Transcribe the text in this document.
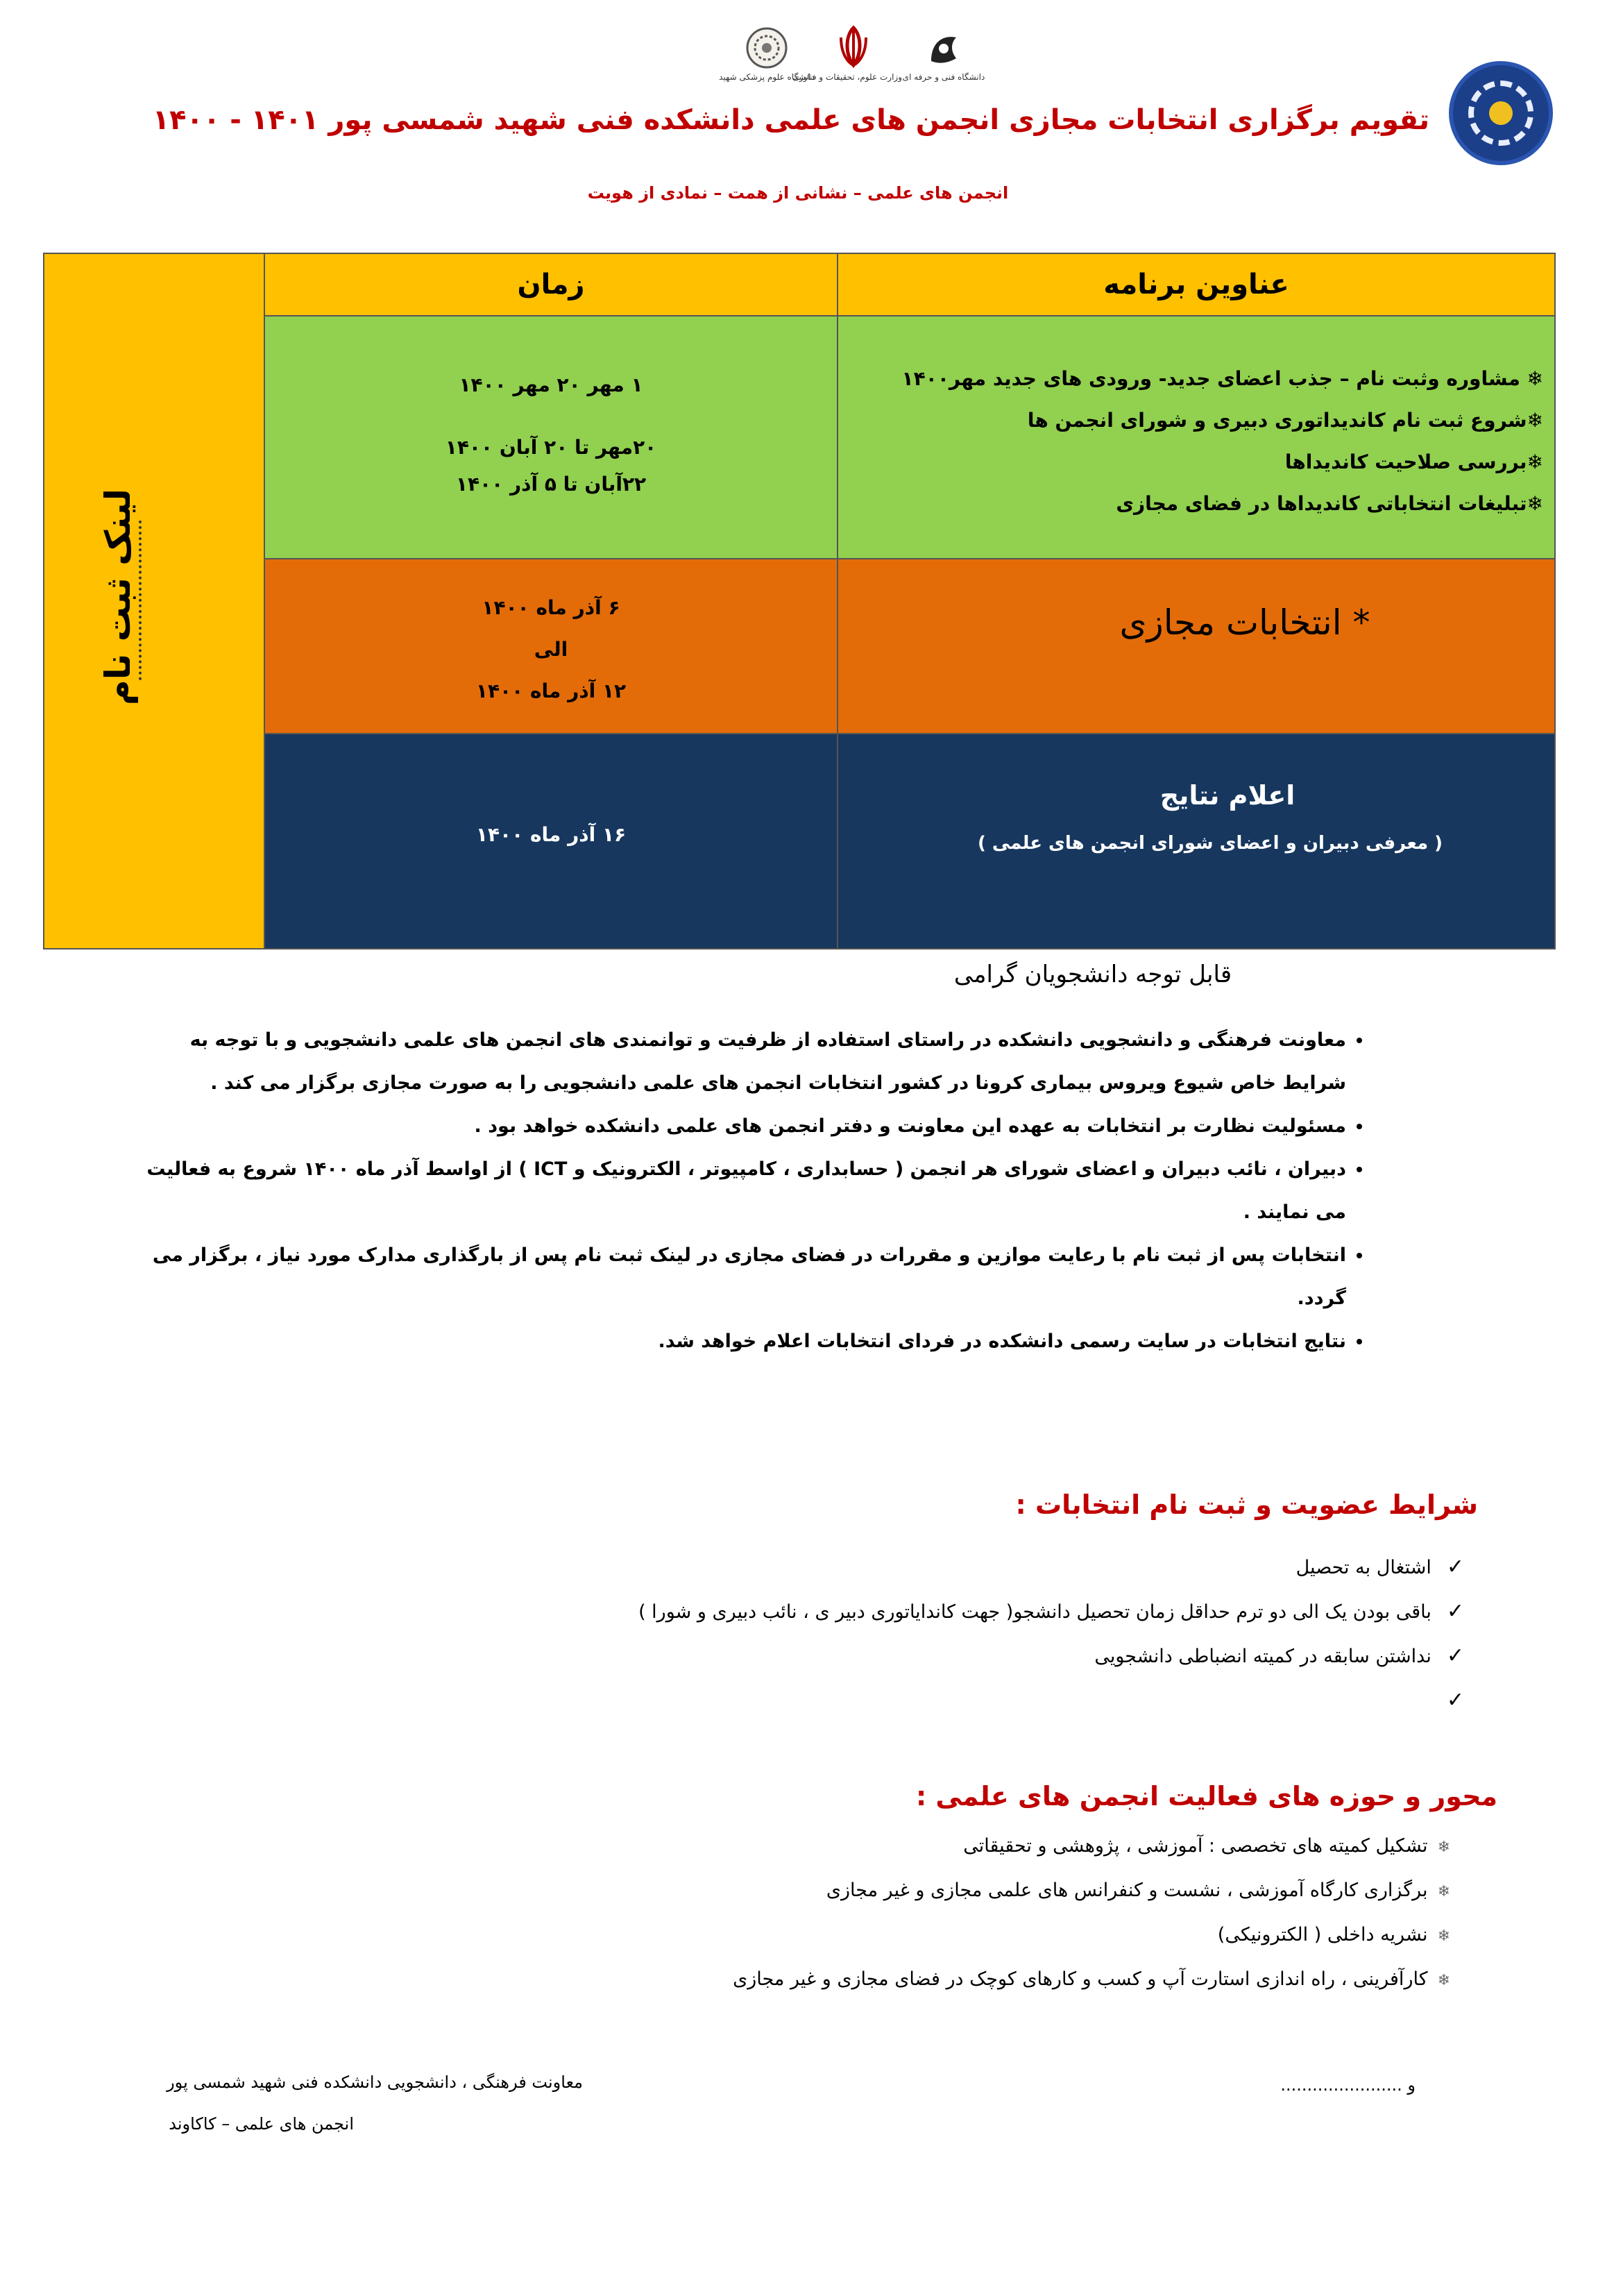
دانشگاه فنی و حرفه ای
وزارت علوم، تحقیقات و فناوری
دانشگاه علوم پزشکی شهید
تقویم برگزاری انتخابات مجازی انجمن های علمی دانشکده فنی شهید شمسی پور ۱۴۰۱ - ۱۴۰۰
انجمن های علمی – نشانی از همت – نمادی از هویت
لینک ثبت نام
زمان	عناوین برنامه
۱ مهر ۲۰ مهر ۱۴۰۰
۲۰مهر تا ۲۰ آبان ۱۴۰۰
۲۲آبان تا ۵ آذر ۱۴۰۰
❄ مشاوره وثبت نام – جذب اعضای جدید- ورودی های جدید مهر۱۴۰۰
❄شروع ثبت نام کاندیداتوری دبیری و شورای انجمن ها
❄بررسی صلاحیت کاندیداها
❄تبلیغات انتخاباتی کاندیداها در فضای مجازی
۶ آذر ماه ۱۴۰۰
الی
۱۲ آذر ماه ۱۴۰۰
* انتخابات مجازی
۱۶ آذر ماه ۱۴۰۰
اعلام نتایج
( معرفی دبیران و اعضای شورای انجمن های علمی )
قابل توجه دانشجویان گرامی
• معاونت فرهنگی و دانشجویی دانشکده در راستای استفاده از ظرفیت و توانمندی های انجمن های علمی دانشجویی و با توجه به شرایط خاص شیوع ویروس بیماری کرونا در کشور انتخابات انجمن های علمی دانشجویی را به صورت مجازی برگزار می کند .
• مسئولیت نظارت بر انتخابات به عهده این معاونت و دفتر انجمن های علمی دانشکده خواهد بود .
• دبیران ، نائب دبیران و اعضای شورای هر انجمن ( حسابداری ، کامپیوتر ، الکترونیک و ICT ) از اواسط آذر ماه ۱۴۰۰ شروع به فعالیت می نمایند .
• انتخابات پس از ثبت نام با رعایت موازین و مقررات در فضای مجازی در لینک ثبت نام پس از بارگذاری مدارک مورد نیاز ، برگزار می گردد.
• نتایج انتخابات در سایت رسمی دانشکده در فردای انتخابات اعلام خواهد شد.
شرایط عضویت و ثبت نام انتخابات :
✓اشتغال به تحصیل
✓باقی بودن یک الی دو ترم حداقل زمان تحصیل دانشجو( جهت کاندایاتوری دبیر ی ، نائب دبیری و شورا )
✓نداشتن سابقه در کمیته انضباطی دانشجویی
✓
محور و حوزه های فعالیت انجمن های علمی :
❄تشکیل کمیته های تخصصی : آموزشی ، پژوهشی و تحقیقاتی
❄برگزاری کارگاه آموزشی ، نشست و کنفرانس های علمی مجازی و غیر مجازی
❄نشریه داخلی ( الکترونیکی)
❄کارآفرینی ، راه اندازی استارت آپ و کسب و کارهای کوچک در فضای مجازی و غیر مجازی
و .......................
معاونت فرهنگی ، دانشجویی دانشکده فنی شهید شمسی پور
انجمن های علمی – کاکاوند
